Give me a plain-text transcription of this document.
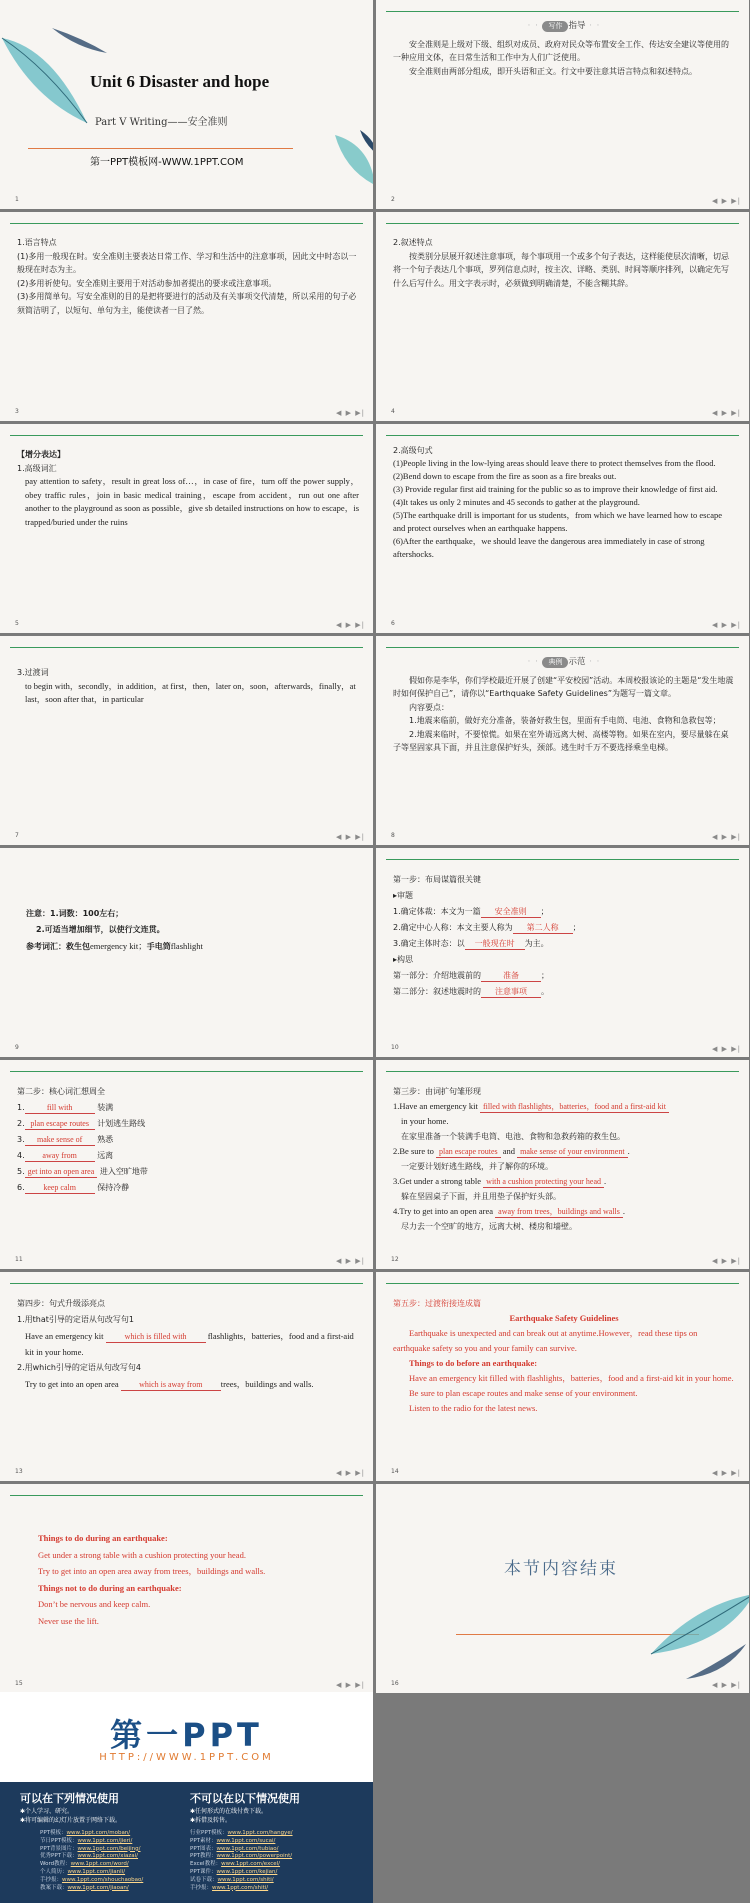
Unit 6 Disaster and hope
Part Ⅴ Writing——安全准则
第一PPT模板网-WWW.1PPT.COM
1
· · 写作 指导 · ·

安全准则是上级对下级、组织对成员、政府对民众等布置安全工作、传达安全建议等使用的一种应用文体，在日常生活和工作中为人们广泛使用。

安全准则由两部分组成，即开头语和正文。行文中要注意其语言特点和叙述特点。

2	◀ ▶ ▶|
1.语言特点

(1)多用一般现在时。安全准则主要表达日常工作、学习和生活中的注意事项，因此文中时态以一般现在时态为主。

(2)多用祈使句。安全准则主要用于对活动参加者提出的要求或注意事项。

(3)多用简单句。写安全准则的目的是把将要进行的活动及有关事项交代清楚，所以采用的句子必须简洁明了，以短句、单句为主，能使读者一目了然。

3	◀ ▶ ▶|
2.叙述特点

按类别分层展开叙述注意事项，每个事项用一个或多个句子表达，这样能使层次清晰，切忌将一个句子表达几个事项，罗列信息点时，按主次、详略、类别、时间等顺序排列，以确定先写什么后写什么。用文字表示时，必须做到明确清楚，不能含糊其辞。

4	◀ ▶ ▶|
【增分表达】
1.高级词汇

pay attention to safety，result in great loss of…，in case of fire，turn off the power supply，obey traffic rules，join in basic medical training，escape from accident，run out one after another to the playground as soon as possible，give sb detailed instructions on how to escape，is trapped/buried under the ruins

5	◀ ▶ ▶|
2.高级句式

(1)People living in the low-lying areas should leave there to protect themselves from the flood.

(2)Bend down to escape from the fire as soon as a fire breaks out.

(3) Provide regular first aid training for the public so as to improve their knowledge of first aid.

(4)It takes us only 2 minutes and 45 seconds to gather at the playground.

(5)The earthquake drill is important for us students，from which we have learned how to escape and protect ourselves when an earthquake happens.

(6)After the earthquake，we should leave the dangerous area immediately in case of strong aftershocks.

6	◀ ▶ ▶|
3.过渡词

to begin with，secondly，in addition，at first，then，later on，soon，afterwards，finally，at last，soon after that，in particular

7	◀ ▶ ▶|
· · 典例 示范 · ·

假如你是李华，你们学校最近开展了创建“平安校园”活动。本周校报该论的主题是“发生地震时如何保护自己”，请你以“Earthquake Safety Guidelines”为题写一篇文章。

内容要点：

1.地震来临前，做好充分准备，装备好救生包，里面有手电筒、电池、食物和急救包等；

2.地震来临时，不要惊慌。如果在室外请远离大树、高楼等物。如果在室内，要尽量躲在桌子等坚固家具下面，并且注意保护好头，颈部。逃生时千万不要选择乘坐电梯。

8	◀ ▶ ▶|
注意：1.词数：100左右；
2.可适当增加细节，以使行文连贯。
参考词汇：救生包emergency kit；手电筒flashlight
9
第一步：布局谋篇很关键
▸审题
1.确定体裁：本文为一篇 安全准则 ；
2.确定中心人称：本文主要人称为 第二人称 ；
3.确定主体时态：以 一般现在时 为主。
▸构思
第一部分：介绍地震前的	准备	；
第二部分：叙述地震时的 注意事项 。
10	◀ ▶ ▶|
第二步：核心词汇想周全
1.	fill with	装满
2. plan escape routes 计划逃生路线
3. make sense of 熟悉
4. away from	远离
5. get into an open area 进入空旷地带
6. keep calm	保持冷静
11	◀ ▶ ▶|
第三步：由词扩句雏形现
1.Have an emergency kit filled with flashlights，batteries，food and a first-aid kit
in your home.
在家里准备一个装满手电筒、电池、食物和急救药箱的救生包。
2.Be sure to plan escape routes and make sense of your environment .
一定要计划好逃生路线，并了解你的环境。
3.Get under a strong table with a cushion protecting your head .
躲在坚固桌子下面，并且用垫子保护好头部。
4.Try to get into an open area away from trees，buildings and walls .
尽力去一个空旷的地方，远离大树、楼房和墙壁。
12	◀ ▶ ▶|
第四步：句式升级添亮点
1.用that引导的定语从句改写句1
Have an emergency kit	which is filled with flashlights，batteries，food and a first-aid kit in your home.
2.用which引导的定语从句改写句4
Try to get into an open area	which is away from trees，buildings and walls.
13	◀ ▶ ▶|
第五步：过渡衔接连成篇
Earthquake Safety Guidelines

Earthquake is unexpected and can break out at anytime.However，read these tips on earthquake safety so you and your family can survive.

Things to do before an earthquake:

Have an emergency kit filled with flashlights，batteries，food and a first-aid kit in your home.

Be sure to plan escape routes and make sense of your environment.

Listen to the radio for the latest news.

14	◀ ▶ ▶|
Things to do during an earthquake:
Get under a strong table with a cushion protecting your head.
Try to get into an open area away from trees，buildings and walls.
Things not to do during an earthquake:
Don’t be nervous and keep calm.
Never use the lift.
15	◀ ▶ ▶|
本节内容结束
16	◀ ▶ ▶|
第一PPT
HTTP://WWW.1PPT.COM
可以在下列情况使用
✱个人学习、研究。
✱将可编辑的幻灯片放置于网络下载。
不可以在以下情况使用
✱任何形式的在线付费下载。
✱拆借及转售。
PPT模板：www.1ppt.com/moban/
节日PPT模板：www.1ppt.com/jieri/
PPT背景图片：www.1ppt.com/beijing/
优秀PPT下载：www.1ppt.com/xiazai/
Word教程：www.1ppt.com/word/
个人简历：www.1ppt.com/jianli/
手抄报：www.1ppt.com/shouchaobao/
教案下载：www.1ppt.com/jiaoan/
行业PPT模板：www.1ppt.com/hangye/
PPT素材：www.1ppt.com/sucai/
PPT图表：www.1ppt.com/tubiao/
PPT教程：www.1ppt.com/powerpoint/
Excel教程：www.1ppt.com/excel/
PPT课件：www.1ppt.com/kejian/
试卷下载：www.1ppt.com/shiti/
手抄报：www.1ppt.com/shiti/
